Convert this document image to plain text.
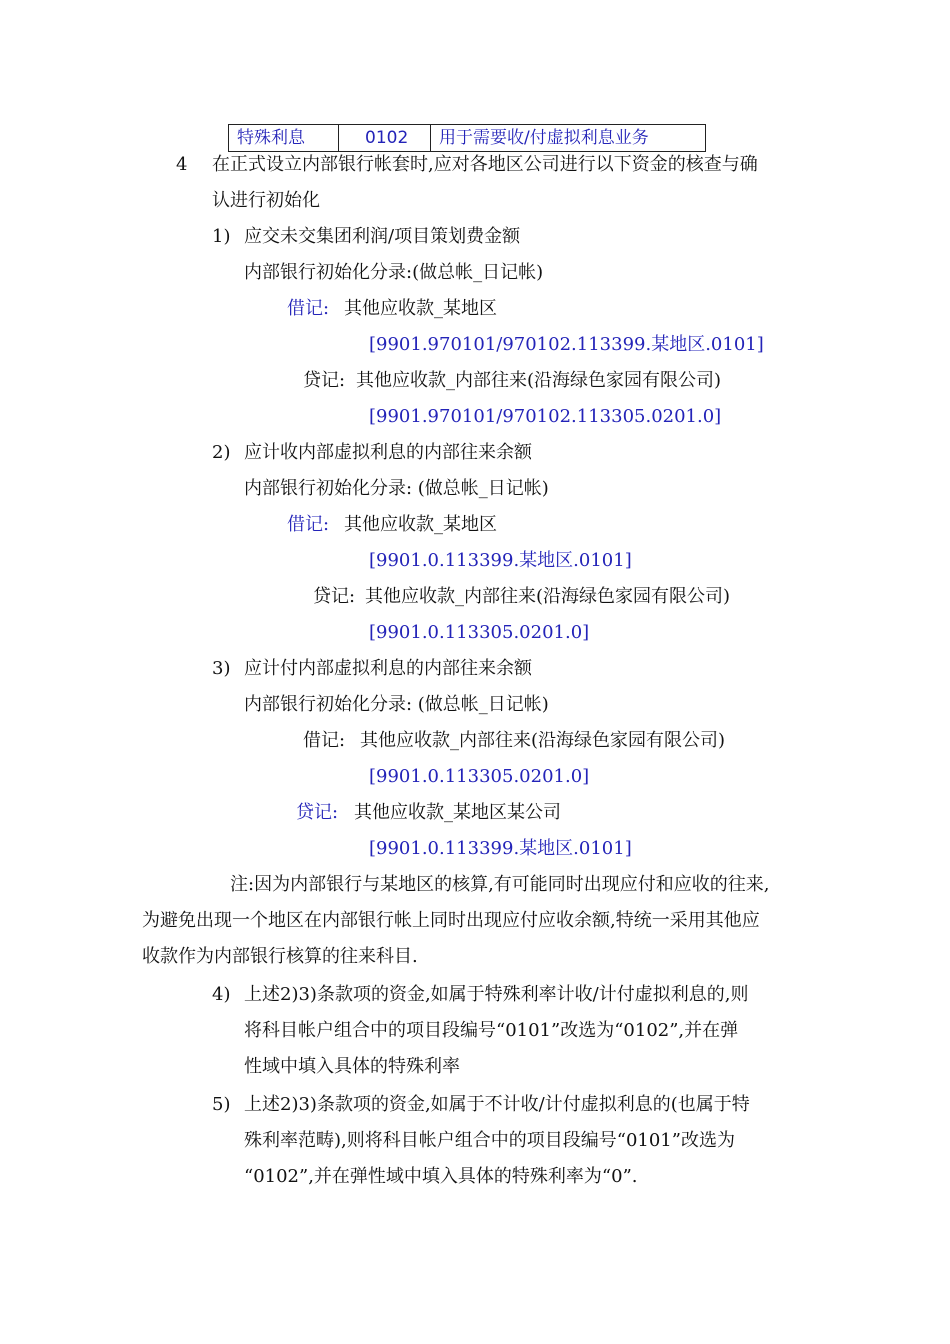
特殊利息	0102	用于需要收/付虚拟利息业务
4 在正式设立内部银行帐套时,应对各地区公司进行以下资金的核查与确
认进行初始化
1) 应交未交集团利润/项目策划费金额
内部银行初始化分录:(做总帐_日记帐)
借记: 其他应收款_某地区
[9901.970101/970102.113399.某地区.0101]
贷记: 其他应收款_内部往来(沿海绿色家园有限公司)
[9901.970101/970102.113305.0201.0]
2) 应计收内部虚拟利息的内部往来余额
内部银行初始化分录: (做总帐_日记帐)
借记: 其他应收款_某地区
[9901.0.113399.某地区.0101]
贷记: 其他应收款_内部往来(沿海绿色家园有限公司)
[9901.0.113305.0201.0]
3) 应计付内部虚拟利息的内部往来余额
内部银行初始化分录: (做总帐_日记帐)
借记: 其他应收款_内部往来(沿海绿色家园有限公司)
[9901.0.113305.0201.0]
贷记: 其他应收款_某地区某公司
[9901.0.113399.某地区.0101]
注:因为内部银行与某地区的核算,有可能同时出现应付和应收的往来,
为避免出现一个地区在内部银行帐上同时出现应付应收余额,特统一采用其他应
收款作为内部银行核算的往来科目.
4) 上述2)3)条款项的资金,如属于特殊利率计收/计付虚拟利息的,则
将科目帐户组合中的项目段编号“0101”改选为“0102”,并在弹
性域中填入具体的特殊利率
5) 上述2)3)条款项的资金,如属于不计收/计付虚拟利息的(也属于特
殊利率范畴),则将科目帐户组合中的项目段编号“0101”改选为
“0102”,并在弹性域中填入具体的特殊利率为“0”.
